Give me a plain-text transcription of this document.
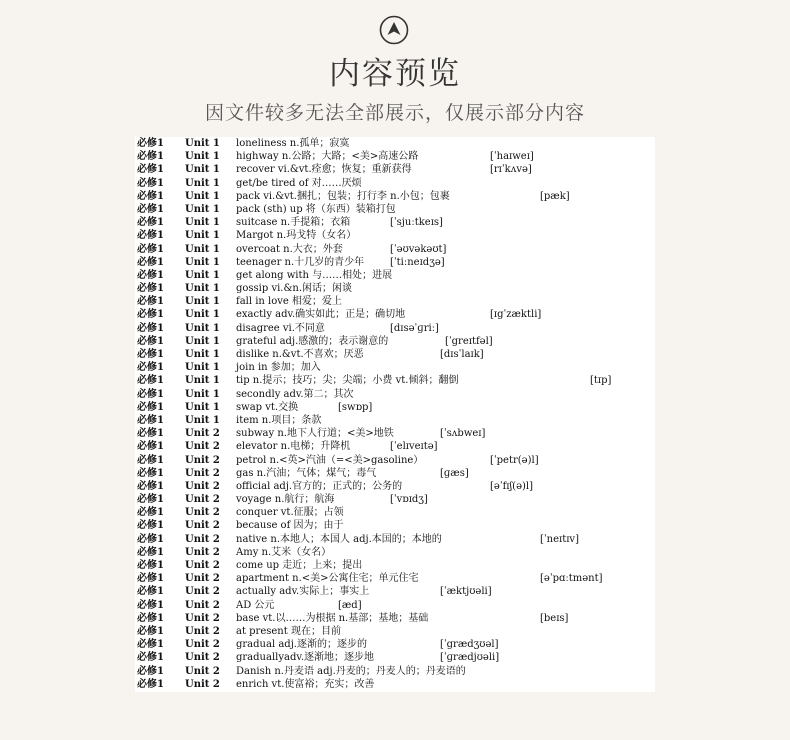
内容预览
因文件较多无法全部展示，仅展示部分内容
必修1 Unit 1 loneliness n.孤单；寂寞
必修1 Unit 1 highway n.公路；大路；<美>高速公路	[ˈhaɪweɪ]
必修1 Unit 1 recover vi.&vt.痊愈；恢复；重新获得	[rɪˈkʌvə]
必修1 Unit 1 get/be tired of 对……厌烦
必修1 Unit 1 pack vi.&vt.捆扎；包装；打行李 n.小包；包裹	[pæk]
必修1 Unit 1 pack (sth) up 将（东西）装箱打包
必修1 Unit 1 suitcase n.手提箱；衣箱	[ˈsjuːtkeɪs]
必修1 Unit 1 Margot n.玛戈特（女名）
必修1 Unit 1 overcoat n.大衣；外套	[ˈəʊvəkəʊt]
必修1 Unit 1 teenager n.十几岁的青少年	[ˈtiːneɪdʒə]
必修1 Unit 1 get along with 与……相处；进展
必修1 Unit 1 gossip vi.&n.闲话；闲谈
必修1 Unit 1 fall in love 相爱；爱上
必修1 Unit 1 exactly adv.确实如此；正是；确切地	[ɪgˈzæktli]
必修1 Unit 1 disagree vi.不同意	[dɪsəˈɡriː]
必修1 Unit 1 grateful adj.感激的；表示谢意的	[ˈgreɪtfəl]
必修1 Unit 1 dislike n.&vt.不喜欢；厌恶	[dɪsˈlaɪk]
必修1 Unit 1 join in 参加；加入
必修1 Unit 1 tip n.提示；技巧；尖；尖端；小费 vt.倾斜；翻倒	[tɪp]
必修1 Unit 1 secondly adv.第二；其次
必修1 Unit 1 swap vt.交换	[swɒp]
必修1 Unit 1 item n.项目；条款
必修1 Unit 2 subway n.地下人行道；<美>地铁	[ˈsʌbweɪ]
必修1 Unit 2 elevator n.电梯；升降机	[ˈelɪveɪtə]
必修1 Unit 2 petrol n.<英>汽油（=<美>gasoline）	[ˈpetr(ə)l]
必修1 Unit 2 gas n.汽油；气体；煤气；毒气	[ɡæs]
必修1 Unit 2 official adj.官方的；正式的；公务的	[əˈfɪʃ(ə)l]
必修1 Unit 2 voyage n.航行；航海	[ˈvɒɪdʒ]
必修1 Unit 2 conquer vt.征服；占领
必修1 Unit 2 because of 因为；由于
必修1 Unit 2 native n.本地人；本国人 adj.本国的；本地的	[ˈneɪtɪv]
必修1 Unit 2 Amy n.艾米（女名）
必修1 Unit 2 come up 走近；上来；提出
必修1 Unit 2 apartment n.<美>公寓住宅；单元住宅	[əˈpɑːtmənt]
必修1 Unit 2 actually adv.实际上；事实上	[ˈæktjʊəli]
必修1 Unit 2 AD 公元	[æd]
必修1 Unit 2 base vt.以……为根据 n.基部；基地；基础	[beɪs]
必修1 Unit 2 at present 现在；目前
必修1 Unit 2 gradual adj.逐渐的；逐步的	[ˈgrædʒʊəl]
必修1 Unit 2 graduallyadv.逐渐地；逐步地	[ˈɡrædjʊəli]
必修1 Unit 2 Danish n.丹麦语 adj.丹麦的；丹麦人的；丹麦语的
必修1 Unit 2 enrich vt.使富裕；充实；改善
